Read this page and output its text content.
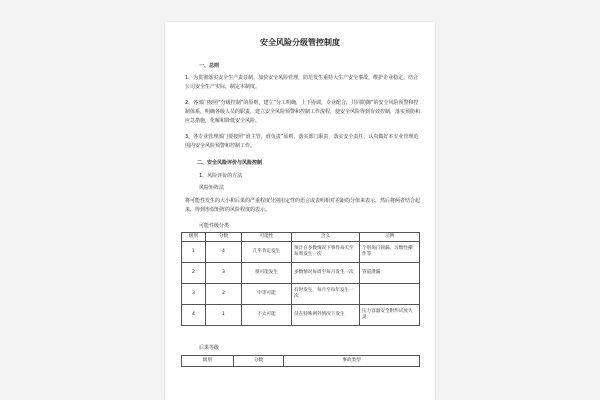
安全风险分级管控制度
一、总则
1、为贯彻落实安全生产责任制，加快安全风险管理，防范发生重特大生产安全事故，维护企业稳定，结合公司安全生产实际，制定本制度。
2、各部门按照“分级控制”的原则，建立“分工明确，上下协调，专业配合，共同防御”的安全风险预警和控制体系，明确各级人员的职责，建立安全风险预警和控制工作流程，使安全风险得到有效控制，落实预防和应急措施，化解和降低安全风险。
3、各专业管理部门要按照“谁主管，谁负责”原则，落实部门职责，落实安全责任，认真做好本专业管理范围内安全风险预警和控制工作。
二、安全风险评价与风险控制
1、风险评价的方法
风险矩阵法
将可能性发生的大小和后果的严重程度分别用定性的语言或表明相对差距的分值来表示，然后将两者结合起来，得到形似矩阵的风险程度的表示。
可能性级分类
级别	分数	可能性	含义	示例
1	4	几乎肯定发生	预计在多数情况下事件每天至每周发生一次	个别岗门锁漏、习惯性操作等
2	3	很可能发生	多数情况每周至每月发生一次	管道泄漏
3	2	中等可能	有时发生，每月至每年发生一次	
4	1	不太可能	仅在特殊例外情况下发生	压力容器安全附件试放失灵
后果等级
级别	分数	事故类型
